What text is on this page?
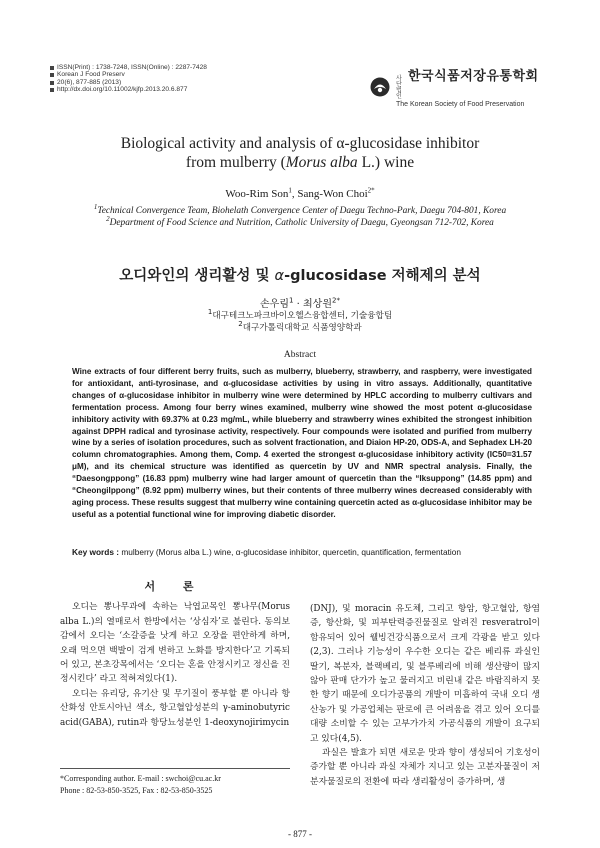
ISSN(Print) : 1738-7248, ISSN(Online) : 2287-7428
Korean J Food Preserv
20(6), 877-885 (2013)
http://dx.doi.org/10.11002/kjfp.2013.20.6.877
사단법인
한국식품저장유통학회
The Korean Society of Food Preservation
Biological activity and analysis of α-glucosidase inhibitor
from mulberry (Morus alba L.) wine
Woo-Rim Son$^1$, Sang-Won Choi$^{2*}$
$^1$Technical Convergence Team, Biohelath Convergence Center of Daegu Techno-Park, Daegu 704-801, Korea
$^2$Department of Food Science and Nutrition, Catholic University of Daegu, Gyeongsan 712-702, Korea
오디와인의 생리활성 및 α-glucosidase 저해제의 분석
손우림$^1$ · 최상원$^{2*}$
$^1$대구테크노파크바이오헬스융합센터, 기술융합팀
$^2$대구가톨릭대학교 식품영양학과
Abstract
Wine extracts of four different berry fruits, such as mulberry, blueberry, strawberry, and raspberry, were investigated for antioxidant, anti-tyrosinase, and α-glucosidase activities by using in vitro assays. Additionally, quantitative changes of α-glucosidase inhibitor in mulberry wine were determined by HPLC according to mulberry cultivars and fermentation process. Among four berry wines examined, mulberry wine showed the most potent α-glucosidase inhibitory activity with 69.37% at 0.23 mg/mL, while blueberry and strawberry wines exhibited the strongest inhibition against DPPH radical and tyrosinase activity, respectively. Four compounds were isolated and purified from mulberry wine by a series of isolation procedures, such as solvent fractionation, and Diaion HP-20, ODS-A, and Sephadex LH-20 column chromatographies. Among them, Comp. 4 exerted the strongest α-glucosidase inhibitory activity (IC50=31.57 μM), and its chemical structure was identified as quercetin by UV and NMR spectral analysis. Finally, the “Daesongppong” (16.83 ppm) mulberry wine had larger amount of quercetin than the “Iksuppong” (14.85 ppm) and “Cheongilppong” (8.92 ppm) mulberry wines, but their contents of three mulberry wines decreased considerably with aging process. These results suggest that mulberry wine containing quercetin acted as α-glucosidase inhibitor may be useful as a potential functional wine for improving diabetic disorder.
Key words : mulberry (Morus alba L.) wine, α-glucosidase inhibitor, quercetin, quantification, fermentation
서 론

오디는 뽕나무과에 속하는 낙엽교목인 뽕나무(Morus alba L.)의 열매로서 한방에서는 ‘상심자’로 불린다. 동의보감에서 오디는 ‘소갈증을 낫게 하고 오장을 편안하게 하며, 오래 먹으면 백발이 검게 변하고 노화를 방지한다’고 기록되어 있고, 본초강목에서는 ‘오디는 혼을 안정시키고 정신을 진정시킨다’ 라고 적혀져있다(1).

오디는 유리당, 유기산 및 무기질이 풍부할 뿐 아니라 항산화성 안토시아닌 색소, 항고혈압성분의 γ-aminobutyric acid(GABA), rutin과 항당뇨성분인 1-deoxynojirimycin

(DNJ), 및 moracin 유도체, 그리고 항암, 항고혈압, 항염증, 항산화, 및 피부탄력증진물질로 알려진 resveratrol이 함유되어 있어 웰빙건강식품으로서 크게 각광을 받고 있다(2,3). 그러나 기능성이 우수한 오디는 같은 베리류 과실인 딸기, 복분자, 블랙베리, 및 블루베리에 비해 생산량이 많지 않아 판매 단가가 높고 물러지고 비린내 같은 바람직하지 못한 향기 때문에 오디가공품의 개발이 미흡하여 국내 오디 생산농가 및 가공업체는 판로에 큰 어려움을 겪고 있어 오디를 대량 소비할 수 있는 고부가가치 가공식품의 개발이 요구되고 있다(4,5).

과실은 발효가 되면 새로운 맛과 향이 생성되어 기호성이 증가할 뿐 아니라 과실 자체가 지니고 있는 고분자물질이 저분자물질로의 전환에 따라 생리활성이 증가하며, 생

*Corresponding author. E-mail : swchoi@cu.ac.kr
Phone : 82-53-850-3525, Fax : 82-53-850-3525
- 877 -
